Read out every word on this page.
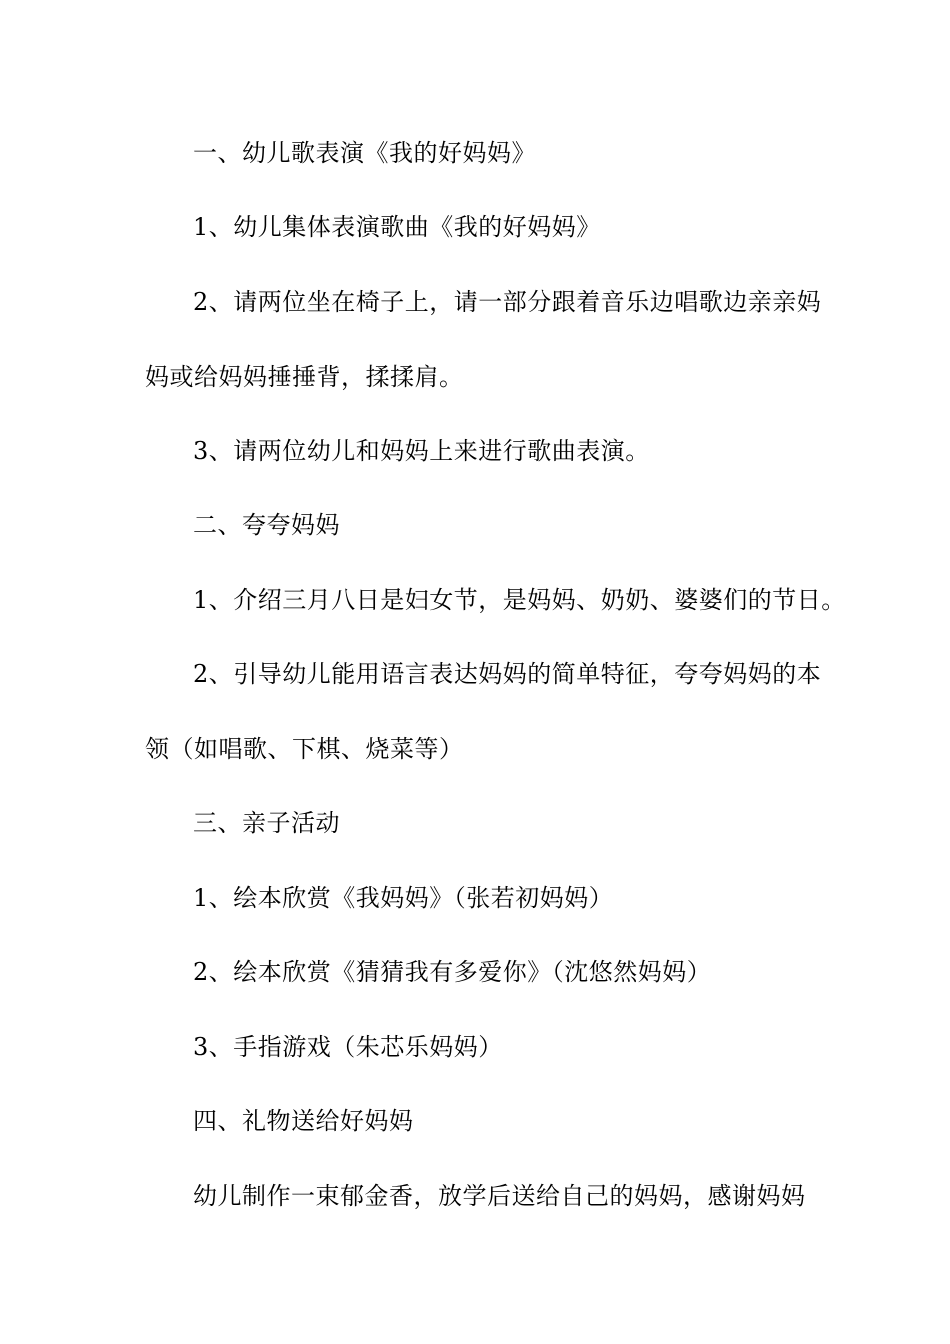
一、幼儿歌表演《我的好妈妈》
1、幼儿集体表演歌曲《我的好妈妈》
2、请两位坐在椅子上，请一部分跟着音乐边唱歌边亲亲妈
妈或给妈妈捶捶背，揉揉肩。
3、请两位幼儿和妈妈上来进行歌曲表演。
二、夸夸妈妈
1、介绍三月八日是妇女节，是妈妈、奶奶、婆婆们的节日。
2、引导幼儿能用语言表达妈妈的简单特征，夸夸妈妈的本
领（如唱歌、下棋、烧菜等）
三、亲子活动
1、绘本欣赏《我妈妈》（张若初妈妈）
2、绘本欣赏《猜猜我有多爱你》（沈悠然妈妈）
3、手指游戏（朱芯乐妈妈）
四、礼物送给好妈妈
幼儿制作一束郁金香，放学后送给自己的妈妈，感谢妈妈
